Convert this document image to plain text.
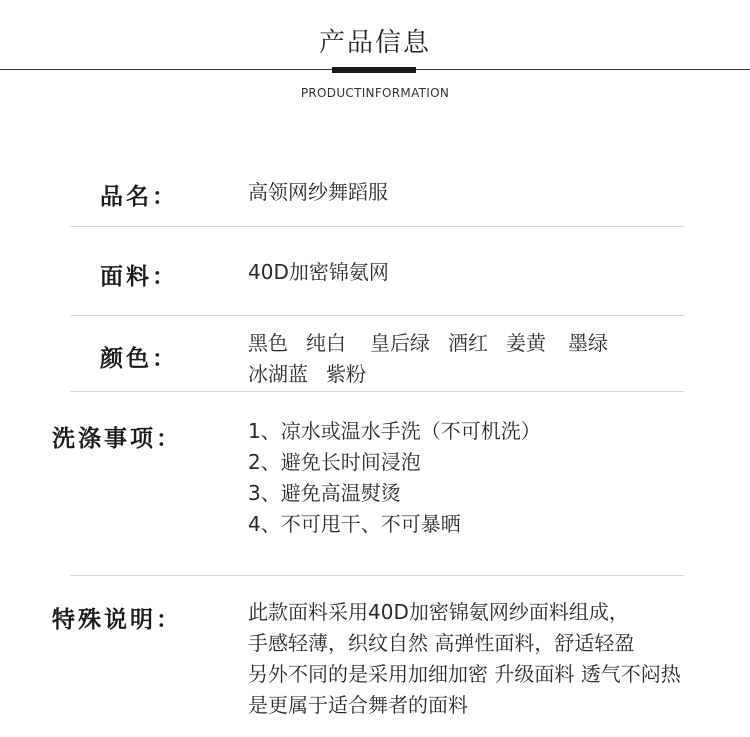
产品信息
PRODUCTINFORMATION
品名：	高领网纱舞蹈服
面料：	40D加密锦氨网
颜色：
黑色 纯白 皇后绿 酒红 姜黄 墨绿
冰湖蓝 紫粉
洗涤事项：	1、凉水或温水手洗（不可机洗）
2、避免长时间浸泡
3、避免高温熨烫
4、不可甩干、不可暴晒
特殊说明：	此款面料采用40D加密锦氨网纱面料组成，
手感轻薄，织纹自然 高弹性面料，舒适轻盈
另外不同的是采用加细加密 升级面料 透气不闷热
是更属于适合舞者的面料
